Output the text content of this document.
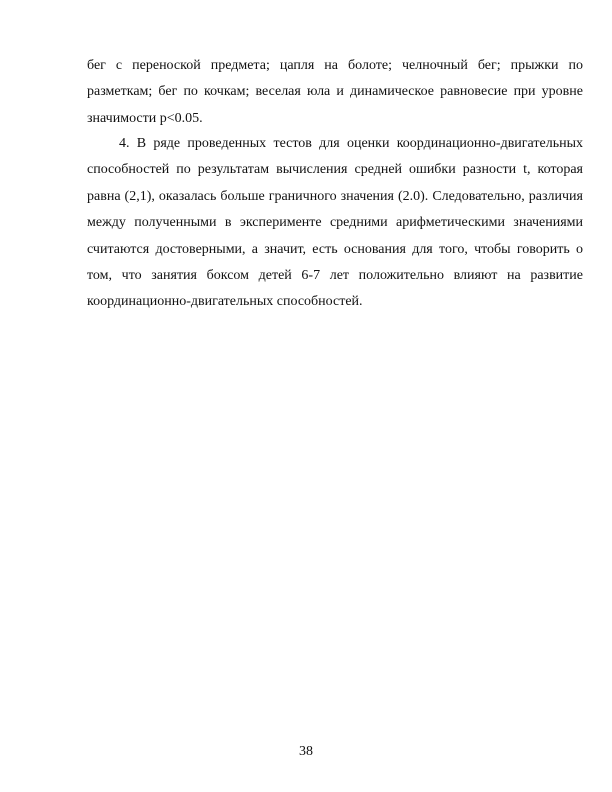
бег с переноской предмета; цапля на болоте; челночный бег; прыжки по разметкам; бег по кочкам; веселая юла и динамическое равновесие при уровне значимости p<0.05.

4. В ряде проведенных тестов для оценки координационно-двигательных способностей по результатам вычисления средней ошибки разности t, которая равна (2,1), оказалась больше граничного значения (2.0). Следовательно, различия между полученными в эксперименте средними арифметическими значениями считаются достоверными, а значит, есть основания для того, чтобы говорить о том, что занятия боксом детей 6-7 лет положительно влияют на развитие координационно-двигательных способностей.

38
